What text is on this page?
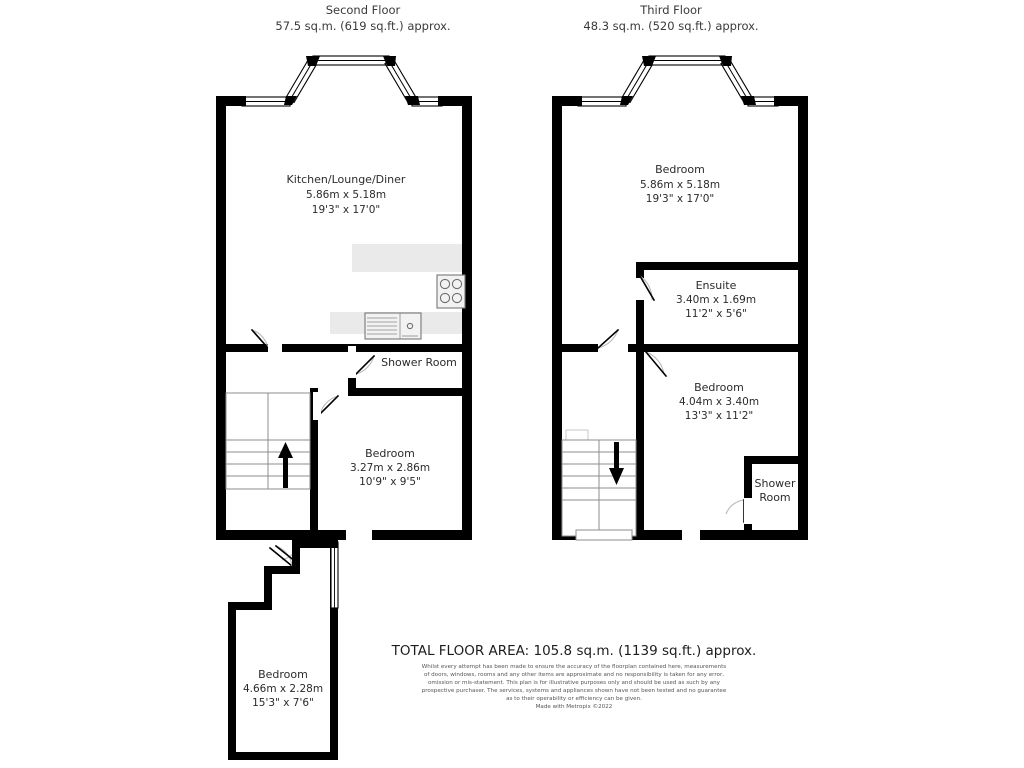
Second Floor
57.5 sq.m. (619 sq.ft.) approx.
Kitchen/Lounge/Diner
5.86m x 5.18m
19'3" x 17'0"
Bedroom
3.27m x 2.86m
10'9" x 9'5"
Shower Room
Bedroom
4.66m x 2.28m
15'3" x 7'6"
Third Floor
48.3 sq.m. (520 sq.ft.) approx.
Bedroom
5.86m x 5.18m
19'3" x 17'0"
Ensuite
3.40m x 1.69m
11'2" x 5'6"
Bedroom
4.04m x 3.40m
13'3" x 11'2"
Shower
Room
TOTAL FLOOR AREA: 105.8 sq.m. (1139 sq.ft.) approx.
Whilst every attempt has been made to ensure the accuracy of the floorplan contained here, measurements
of doors, windows, rooms and any other items are approximate and no responsibility is taken for any error,
omission or mis-statement. This plan is for illustrative purposes only and should be used as such by any
prospective purchaser. The services, systems and appliances shown have not been tested and no guarantee
as to their operability or efficiency can be given.
Made with Metropix ©2022
